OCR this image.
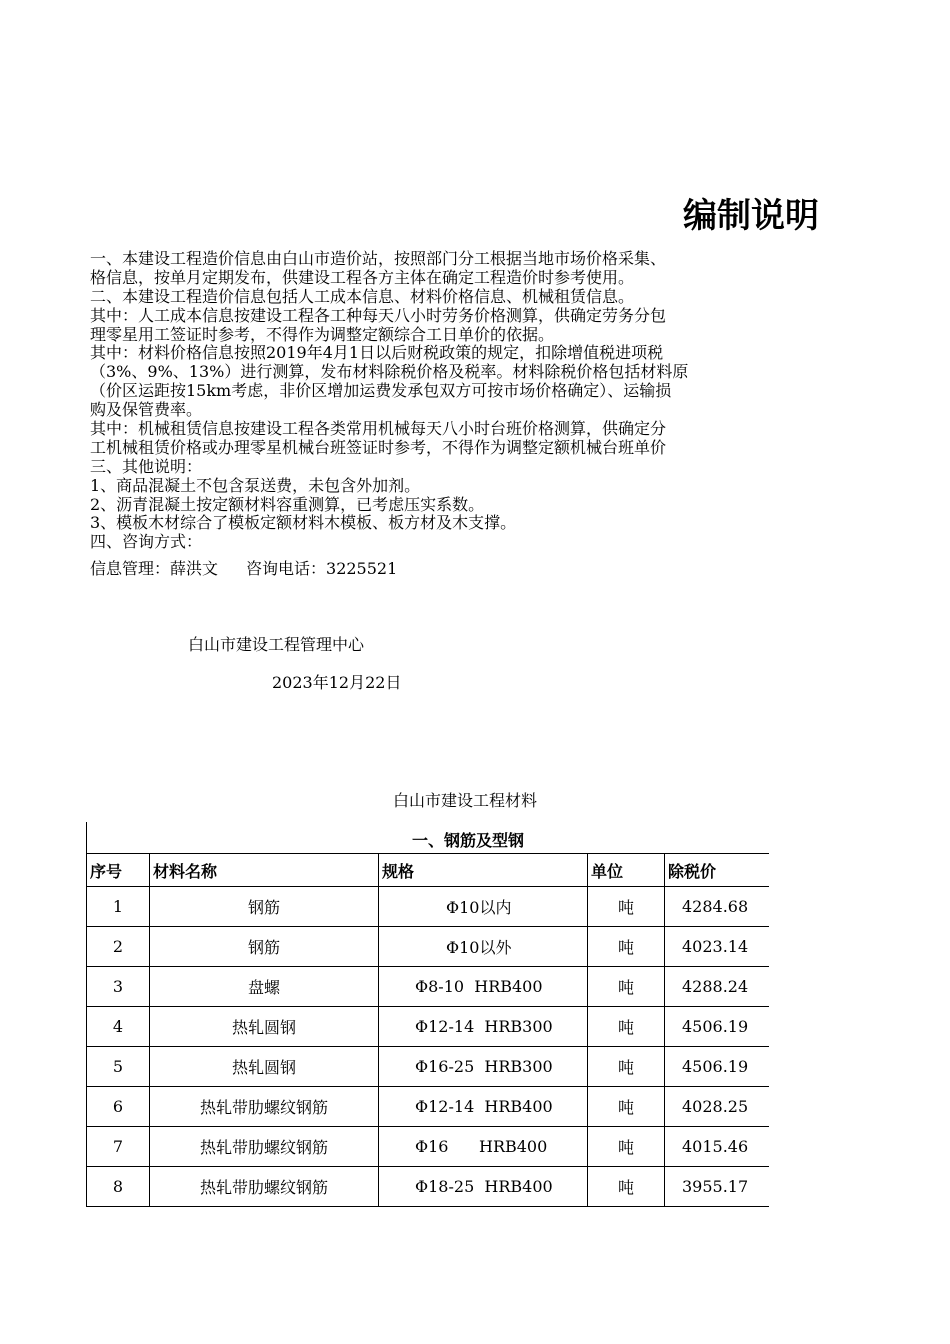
编制说明
一、本建设工程造价信息由白山市造价站，按照部门分工根据当地市场价格采集、
格信息，按单月定期发布，供建设工程各方主体在确定工程造价时参考使用。
二、本建设工程造价信息包括人工成本信息、材料价格信息、机械租赁信息。
其中：人工成本信息按建设工程各工种每天八小时劳务价格测算，供确定劳务分包
理零星用工签证时参考，不得作为调整定额综合工日单价的依据。
其中：材料价格信息按照2019年4月1日以后财税政策的规定，扣除增值税进项税
（3%、9%、13%）进行测算，发布材料除税价格及税率。材料除税价格包括材料原
（价区运距按15km考虑，非价区增加运费发承包双方可按市场价格确定）、运输损
购及保管费率。
其中：机械租赁信息按建设工程各类常用机械每天八小时台班价格测算，供确定分
工机械租赁价格或办理零星机械台班签证时参考，不得作为调整定额机械台班单价
三、其他说明：
1、商品混凝土不包含泵送费，未包含外加剂。
2、沥青混凝土按定额材料容重测算，已考虑压实系数。
3、模板木材综合了模板定额材料木模板、板方材及木支撑。
四、咨询方式：
信息管理：薛洪文 咨询电话：3225521
白山市建设工程管理中心
2023年12月22日
白山市建设工程材料
一、钢筋及型钢
序号	材料名称	规格	单位	除税价
1	钢筋	Φ10以内	吨	4284.68
2	钢筋	Φ10以外	吨	4023.14
3	盘螺	Φ8-10  HRB400	吨	4288.24
4	热轧圆钢	Φ12-14  HRB300	吨	4506.19
5	热轧圆钢	Φ16-25  HRB300	吨	4506.19
6	热轧带肋螺纹钢筋	Φ12-14  HRB400	吨	4028.25
7	热轧带肋螺纹钢筋	Φ16      HRB400	吨	4015.46
8	热轧带肋螺纹钢筋	Φ18-25  HRB400	吨	3955.17
